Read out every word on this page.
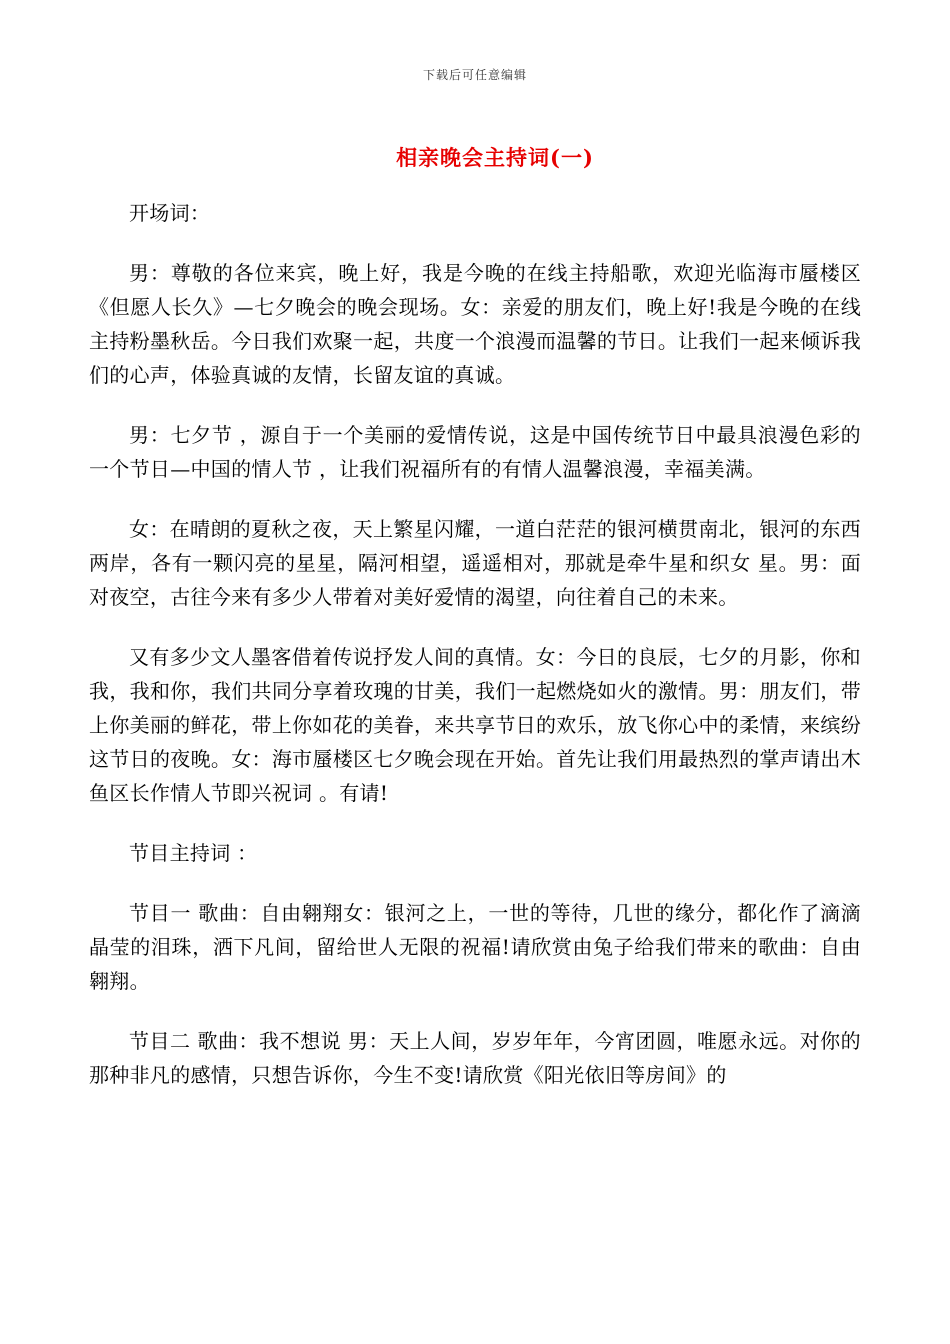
下载后可任意编辑
相亲晚会主持词(一)

开场词：

男：尊敬的各位来宾，晚上好，我是今晚的在线主持船歌，欢迎光临海市蜃楼区《但愿人长久》—七夕晚会的晚会现场。女：亲爱的朋友们，晚上好!我是今晚的在线主持粉墨秋岳。今日我们欢聚一起，共度一个浪漫而温馨的节日。让我们一起来倾诉我们的心声，体验真诚的友情，长留友谊的真诚。

男：七夕节 ，源自于一个美丽的爱情传说，这是中国传统节日中最具浪漫色彩的一个节日—中国的情人节 ，让我们祝福所有的有情人温馨浪漫，幸福美满。

女：在晴朗的夏秋之夜，天上繁星闪耀，一道白茫茫的银河横贯南北，银河的东西两岸，各有一颗闪亮的星星，隔河相望，遥遥相对，那就是牵牛星和织女 星。男：面对夜空，古往今来有多少人带着对美好爱情的渴望，向往着自己的未来。

又有多少文人墨客借着传说抒发人间的真情。女：今日的良辰，七夕的月影，你和我，我和你，我们共同分享着玫瑰的甘美，我们一起燃烧如火的激情。男：朋友们，带上你美丽的鲜花，带上你如花的美眷，来共享节日的欢乐，放飞你心中的柔情，来缤纷这节日的夜晚。女：海市蜃楼区七夕晚会现在开始。首先让我们用最热烈的掌声请出木鱼区长作情人节即兴祝词 。有请!

节目主持词 ：

节目一 歌曲：自由翱翔女：银河之上，一世的等待，几世的缘分，都化作了滴滴晶莹的泪珠，洒下凡间，留给世人无限的祝福!请欣赏由兔子给我们带来的歌曲：自由翱翔。

节目二 歌曲：我不想说 男：天上人间，岁岁年年，今宵团圆，唯愿永远。对你的那种非凡的感情，只想告诉你，今生不变!请欣赏《阳光依旧等房间》的
